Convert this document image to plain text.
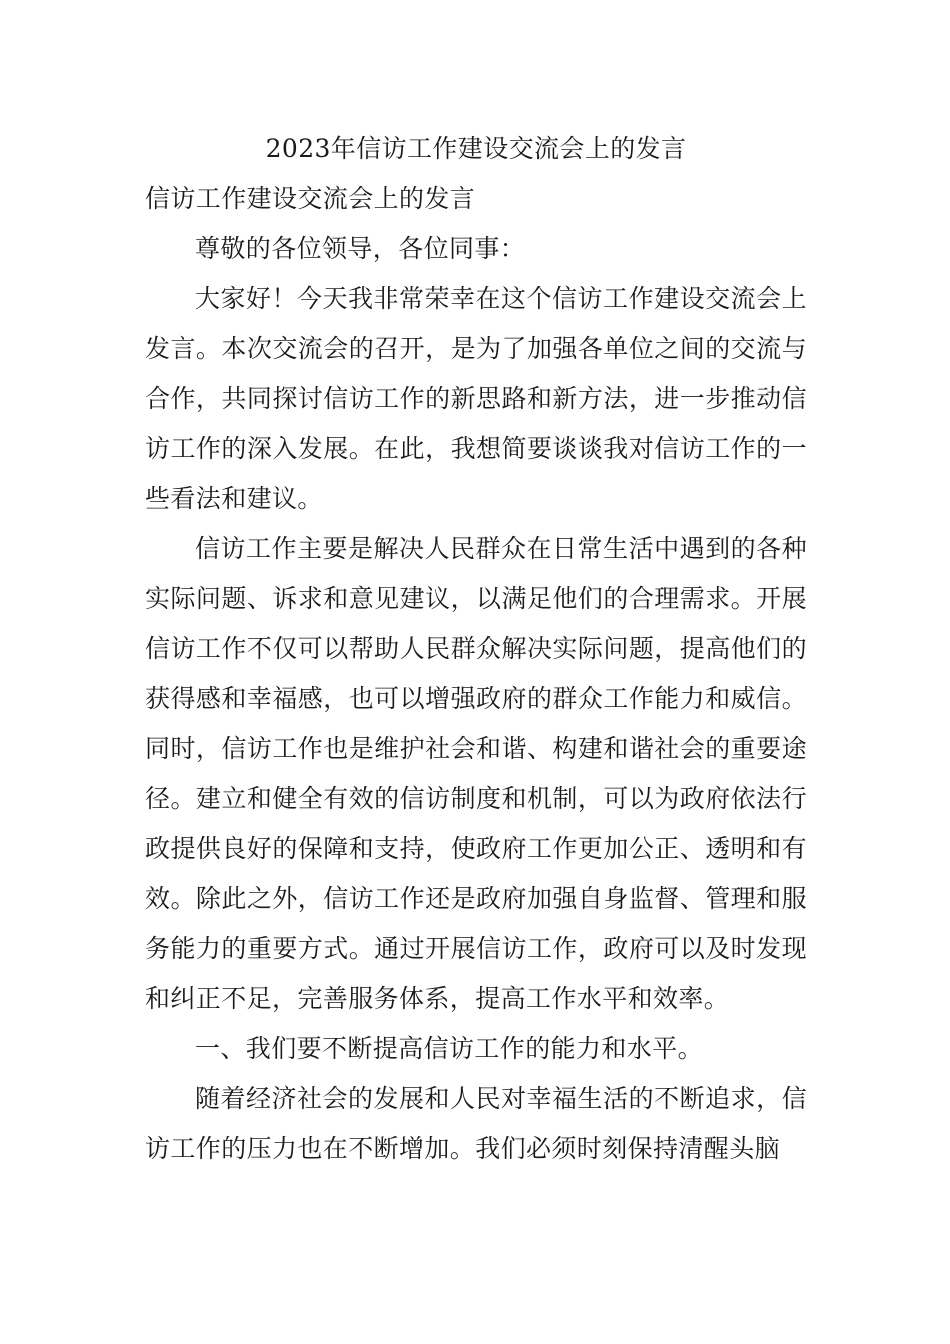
2023年信访工作建设交流会上的发言
信访工作建设交流会上的发言

尊敬的各位领导，各位同事：

大家好！今天我非常荣幸在这个信访工作建设交流会上发言。本次交流会的召开，是为了加强各单位之间的交流与合作，共同探讨信访工作的新思路和新方法，进一步推动信访工作的深入发展。在此，我想简要谈谈我对信访工作的一些看法和建议。

信访工作主要是解决人民群众在日常生活中遇到的各种实际问题、诉求和意见建议，以满足他们的合理需求。开展信访工作不仅可以帮助人民群众解决实际问题，提高他们的获得感和幸福感，也可以增强政府的群众工作能力和威信。同时，信访工作也是维护社会和谐、构建和谐社会的重要途径。建立和健全有效的信访制度和机制，可以为政府依法行政提供良好的保障和支持，使政府工作更加公正、透明和有效。除此之外，信访工作还是政府加强自身监督、管理和服务能力的重要方式。通过开展信访工作，政府可以及时发现和纠正不足，完善服务体系，提高工作水平和效率。

一、我们要不断提高信访工作的能力和水平。

随着经济社会的发展和人民对幸福生活的不断追求，信访工作的压力也在不断增加。我们必须时刻保持清醒头脑
